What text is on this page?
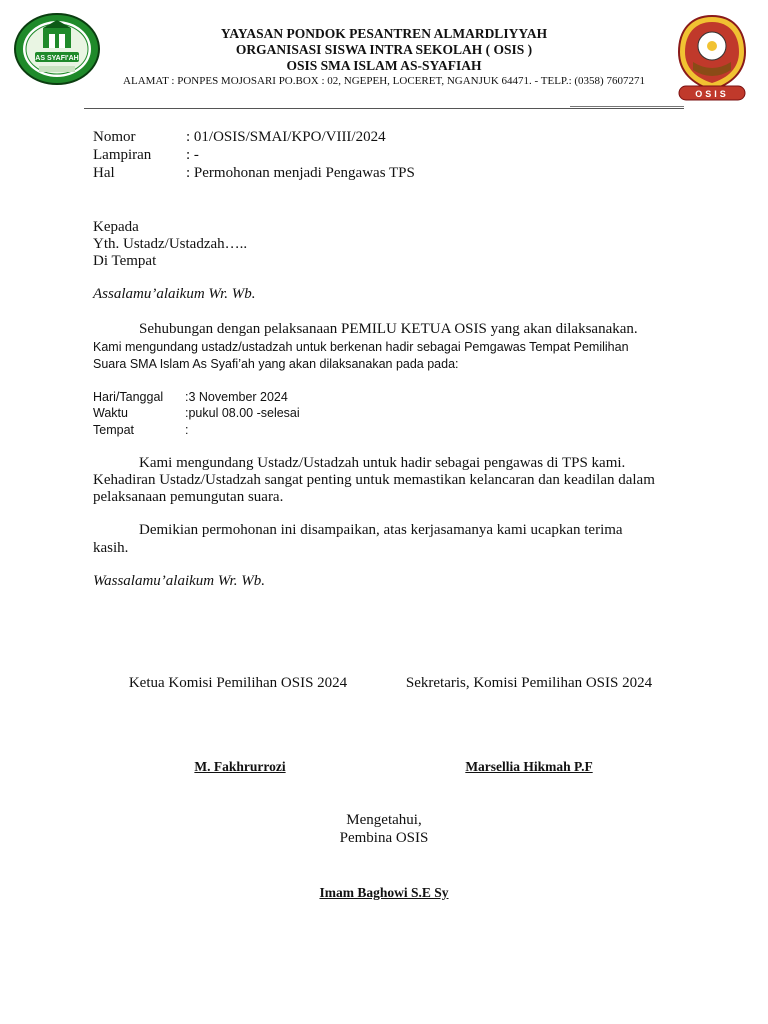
AS SYAFI'AH
OSIS
YAYASAN PONDOK PESANTREN ALMARDLIYYAH
ORGANISASI SISWA INTRA SEKOLAH ( OSIS )
OSIS SMA ISLAM AS-SYAFIAH
ALAMAT : PONPES MOJOSARI PO.BOX : 02, NGEPEH, LOCERET, NGANJUK 64471. - TELP.: (0358) 7607271
Nomor	: 01/OSIS/SMAI/KPO/VIII/2024
Lampiran : -
Hal	: Permohonan menjadi Pengawas TPS
Kepada
Yth. Ustadz/Ustadzah…..
Di Tempat
Assalamu’alaikum Wr. Wb.
Sehubungan dengan pelaksanaan PEMILU KETUA OSIS yang akan dilaksanakan.
Kami mengundang ustadz/ustadzah untuk berkenan hadir sebagai Pemgawas Tempat Pemilihan
Suara SMA Islam As Syafi’ah yang akan dilaksanakan pada pada:
Hari/Tanggal :3 November 2024
Waktu	:pukul 08.00 -selesai
Tempat	:
Kami mengundang Ustadz/Ustadzah untuk hadir sebagai pengawas di TPS kami.
Kehadiran Ustadz/Ustadzah sangat penting untuk memastikan kelancaran dan keadilan dalam
pelaksanaan pemungutan suara.
Demikian permohonan ini disampaikan, atas kerjasamanya kami ucapkan terima
kasih.
Wassalamu’alaikum Wr. Wb.
Ketua Komisi Pemilihan OSIS 2024	Sekretaris, Komisi Pemilihan OSIS 2024
M. Fakhrurrozi	Marsellia Hikmah P.F
Mengetahui,
Pembina OSIS
Imam Baghowi S.E Sy
